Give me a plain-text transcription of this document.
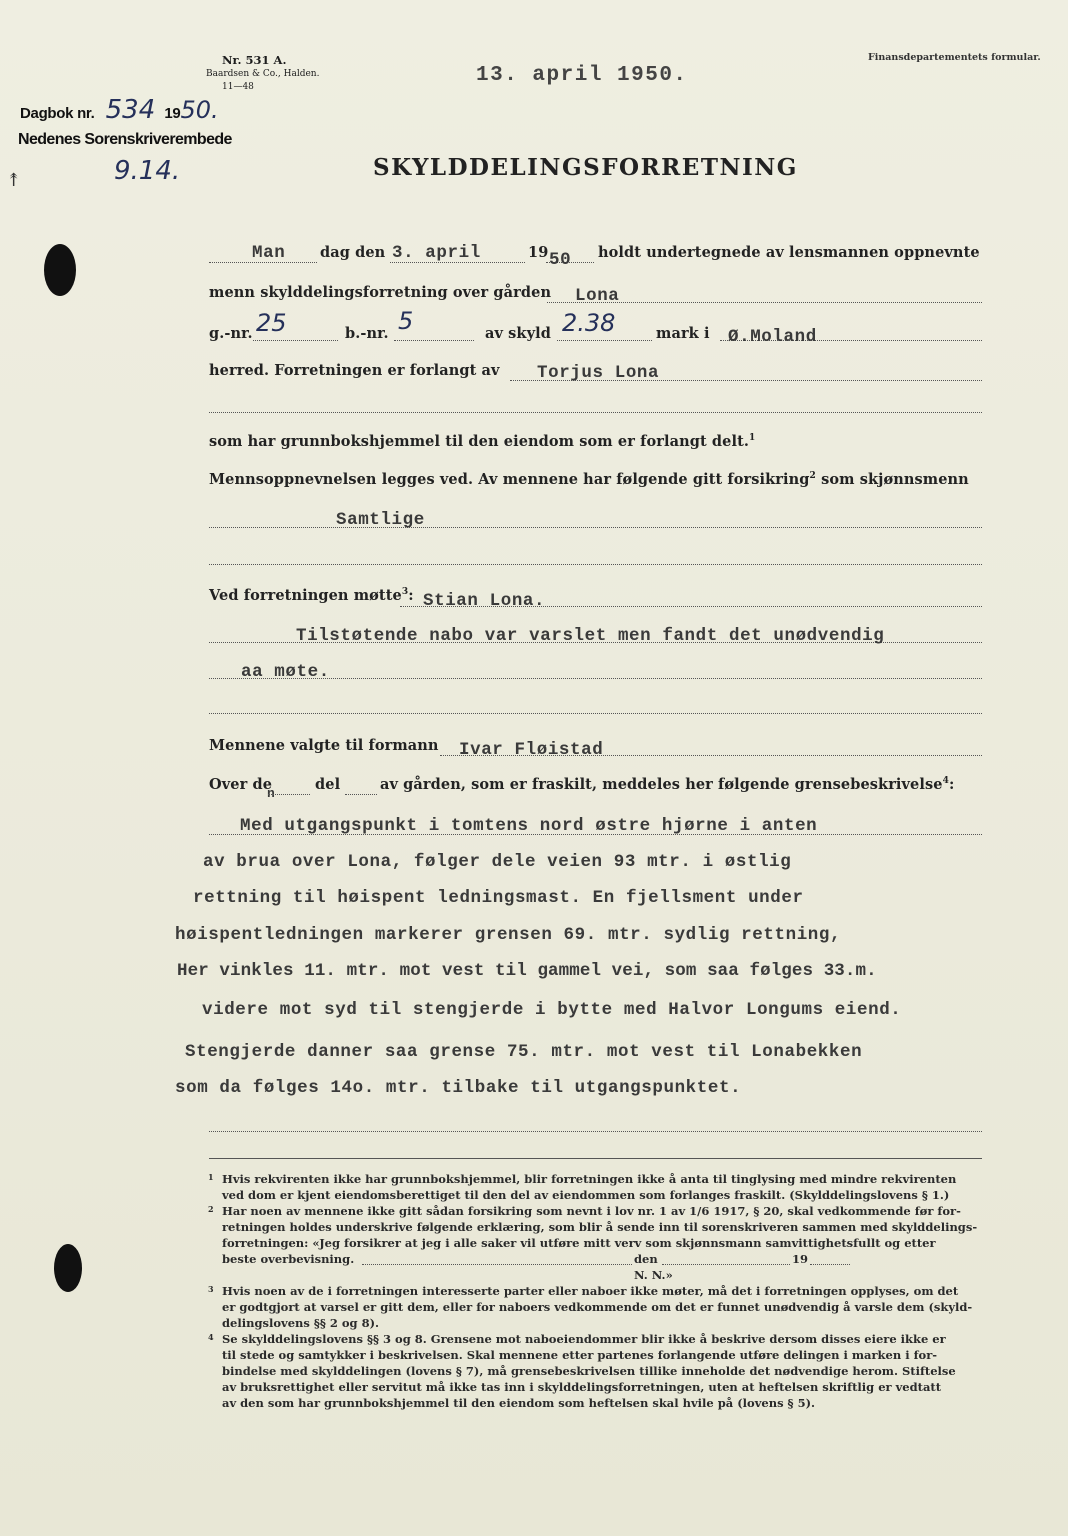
Nr. 531 A.
Baardsen & Co., Halden.
11—48	13. april 1950.
Finansdepartementets formular.
Dagbok nr. 534 1950.
Nedenes Sorenskriverembede
9.14.
↟	SKYLDDELINGSFORRETNING
Man dag den 3. april	19 50 holdt undertegnede av lensmannen oppnevnte
menn skylddelingsforretning over gården Lona
g.-nr. 25	b.-nr. 5	av skyld 2.38	mark i Ø.Moland
herred. Forretningen er forlangt av Torjus Lona
som har grunnbokshjemmel til den eiendom som er forlangt delt.$^1$
Mennsoppnevnelsen legges ved. Av mennene har følgende gitt forsikring$^2$ som skjønnsmenn
Samtlige
Ved forretningen møtte$^3$: Stian Lona.
Tilstøtende nabo var varslet men fandt det unødvendig
aa møte.
Mennene valgte til formann Ivar Fløistad
Over de
n
del	av gården, som er fraskilt, meddeles her følgende grensebeskrivelse$^4$:
Med utgangspunkt i tomtens nord østre hjørne i anten
av brua over Lona, følger dele veien 93 mtr. i østlig
rettning til høispent ledningsmast. En fjellsment under
høispentledningen markerer grensen 69. mtr. sydlig rettning,
Her vinkles 11. mtr. mot vest til gammel vei, som saa følges 33.m.
videre mot syd til stengjerde i bytte med Halvor Longums eiend.
Stengjerde danner saa grense 75. mtr. mot vest til Lonabekken
som da følges 14o. mtr. tilbake til utgangspunktet.
$^1$ Hvis rekvirenten ikke har grunnbokshjemmel, blir forretningen ikke å anta til tinglysing med mindre rekvirenten
ved dom er kjent eiendomsberettiget til den del av eiendommen som forlanges fraskilt. (Skylddelingslovens § 1.)
$^2$ Har noen av mennene ikke gitt sådan forsikring som nevnt i lov nr. 1 av 1/6 1917, § 20, skal vedkommende før for-
retningen holdes underskrive følgende erklæring, som blir å sende inn til sorenskriveren sammen med skylddelings-
forretningen: «Jeg forsikrer at jeg i alle saker vil utføre mitt verv som skjønnsmann samvittighetsfullt og etter
beste overbevisning.	den	19
N. N.»
$^3$ Hvis noen av de i forretningen interesserte parter eller naboer ikke møter, må det i forretningen opplyses, om det
er godtgjort at varsel er gitt dem, eller for naboers vedkommende om det er funnet unødvendig å varsle dem (skyld-
delingslovens §§ 2 og 8).
$^4$ Se skylddelingslovens §§ 3 og 8. Grensene mot naboeiendommer blir ikke å beskrive dersom disses eiere ikke er
til stede og samtykker i beskrivelsen. Skal mennene etter partenes forlangende utføre delingen i marken i for-
bindelse med skylddelingen (lovens § 7), må grensebeskrivelsen tillike inneholde det nødvendige herom. Stiftelse
av bruksrettighet eller servitut må ikke tas inn i skylddelingsforretningen, uten at heftelsen skriftlig er vedtatt
av den som har grunnbokshjemmel til den eiendom som heftelsen skal hvile på (lovens § 5).
